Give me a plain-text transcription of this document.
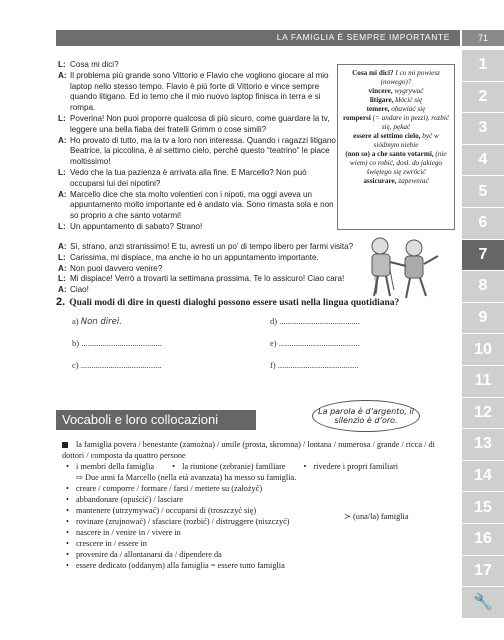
LA FAMIGLIA È SEMPRE IMPORTANTE	71
1
2
3
4
5
6
7
8
9
10
11
12
13
14
15
16
17
🔧
L: Cosa mi dici?
A: Il problema più grande sono Vittorio e Flavio che vogliono giocare al mio laptop nello stesso tempo. Flavio è più forte di Vittorio e vince sempre quando litigano. Ed io temo che il mio nuovo laptop finisca in terra e si rompa.
L: Poverina! Non puoi proporre qualcosa di più sicuro, come guardare la tv, leggere una bella fiaba dei fratelli Grimm o cose simili?
A: Ho provato di tutto, ma la tv a loro non interessa. Quando i ragazzi litigano Beatrice, la piccolina, è al settimo cielo, perché questo “teatrino” le piace moltissimo!
L: Vedo che la tua pazienza è arrivata alla fine. E Marcello? Non può occuparsi lui dei nipotini?
A: Marcello dice che sta molto volentieri con i nipoti, ma oggi aveva un appuntamento molto importante ed è andato via. Sono rimasta sola e non so proprio a che santo votarmi!
L: Un appuntamento di sabato? Strano!
A: Sì, strano, anzi stranissimo! E tu, avresti un po’ di tempo libero per farmi visita?
L: Carissima, mi dispiace, ma anche io ho un appuntamento importante.
A: Non puoi davvero venire?
L: Mi dispiace! Verrò a trovarti la settimana prossima. Te lo assicuro! Ciao cara!
A: Ciao!
Cosa mi dici? I co mi powiesz (nowego)?
vincere, wygrywać
litigare, kłócić się
temere, obawiać się
rompersi (= andare in pezzi), rozbić się, pękać
essere al settimo cielo, być w siódmym niebie
(non so) a che santo votarmi, (nie wiem) co robić, dosł. do jakiego świętego się zwrócić
assicurare, zapewniać
2. Quali modi di dire in questi dialoghi possono essere usati nella lingua quotidiana?
a) Non direi.
b) ......................................
c) ......................................
d) ......................................
e) ......................................
f) ......................................
Vocaboli e loro collocazioni
La parola è d’argento, il silenzio è d’oro.
la famiglia povera / benestante (zamożna) / umile (prosta, skromna) / lontana / numerosa / grande / ricca / di dottori / composta da quattro persone
• i membri della famiglia	• la riunione (zebranie) familiare	• rivedere i propri familiari
⇨ Due anni fa Marcello (nella età avanzata) ha messo su famiglia.
• creare / comporre / formare / farsi / mettere su (założyć)
• abbandonare (opuścić) / lasciare
• mantenere (utrzymywać) / occuparsi di (troszczyć się)
• rovinare (zrujnować) / sfasciare (rozbić) / distruggere (niszczyć)
• nascere in / venire in / vivere in
• crescere in / essere in
• provenire da / allontanarsi da / dipendere da
• essere dedicato (oddanym) alla famiglia = essere tutto famiglia
≻ (una/la) famiglia
